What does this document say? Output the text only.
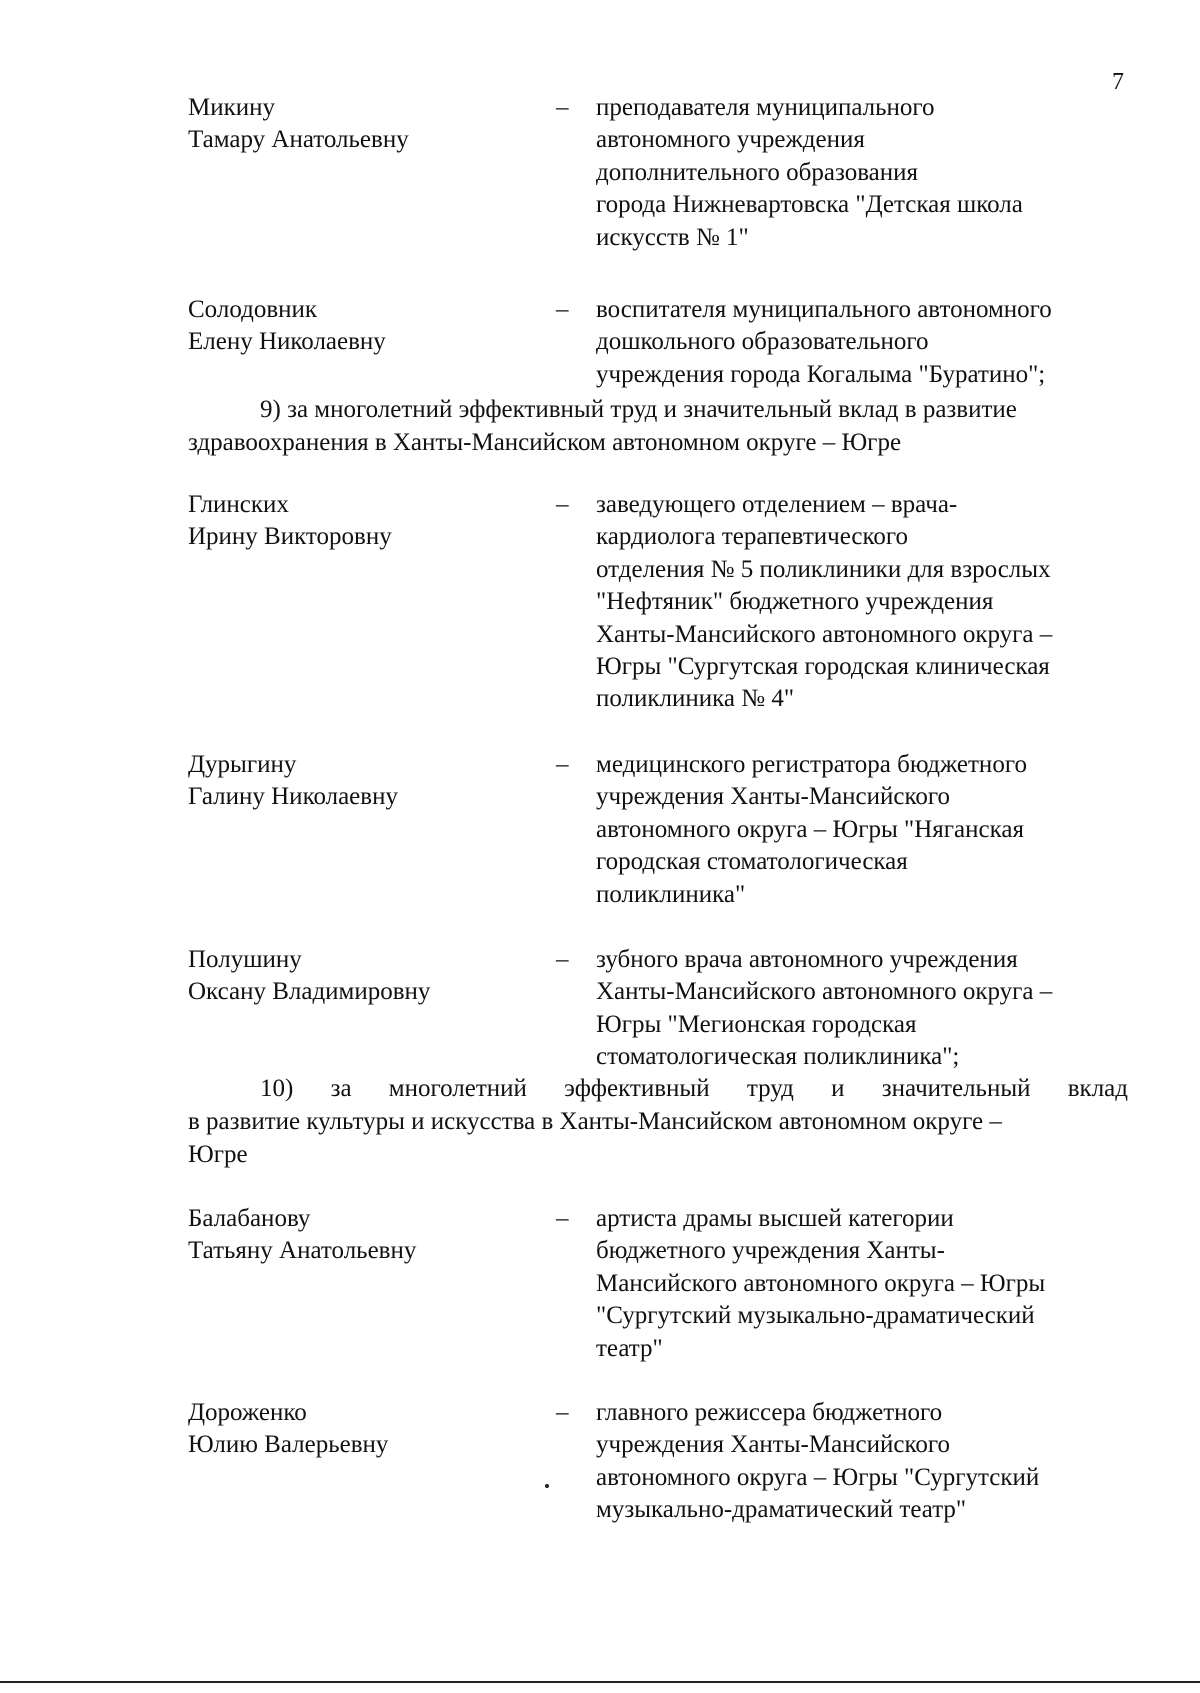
7
Микину
Тамару Анатольевну
– преподавателя муниципального
автономного учреждения
дополнительного образования
города Нижневартовска "Детская школа
искусств № 1"
Солодовник
Елену Николаевну
– воспитателя муниципального автономного
дошкольного образовательного
учреждения города Когалыма "Буратино";
9) за многолетний эффективный труд и значительный вклад в развитие
здравоохранения в Ханты-Мансийском автономном округе – Югре
Глинских
Ирину Викторовну
– заведующего отделением – врача-
кардиолога терапевтического
отделения № 5 поликлиники для взрослых
"Нефтяник" бюджетного учреждения
Ханты-Мансийского автономного округа –
Югры "Сургутская городская клиническая
поликлиника № 4"
Дурыгину
Галину Николаевну
– медицинского регистратора бюджетного
учреждения Ханты-Мансийского
автономного округа – Югры "Няганская
городская стоматологическая
поликлиника"
Полушину
Оксану Владимировну
– зубного врача автономного учреждения
Ханты-Мансийского автономного округа –
Югры "Мегионская городская
стоматологическая поликлиника";
10) за многолетний эффективный труд и значительный вклад
в развитие культуры и искусства в Ханты-Мансийском автономном округе –
Югре
Балабанову
Татьяну Анатольевну
– артиста драмы высшей категории
бюджетного учреждения Ханты-
Мансийского автономного округа – Югры
"Сургутский музыкально-драматический
театр"
Дороженко
Юлию Валерьевну
– главного режиссера бюджетного
учреждения Ханты-Мансийского
автономного округа – Югры "Сургутский
музыкально-драматический театр"
